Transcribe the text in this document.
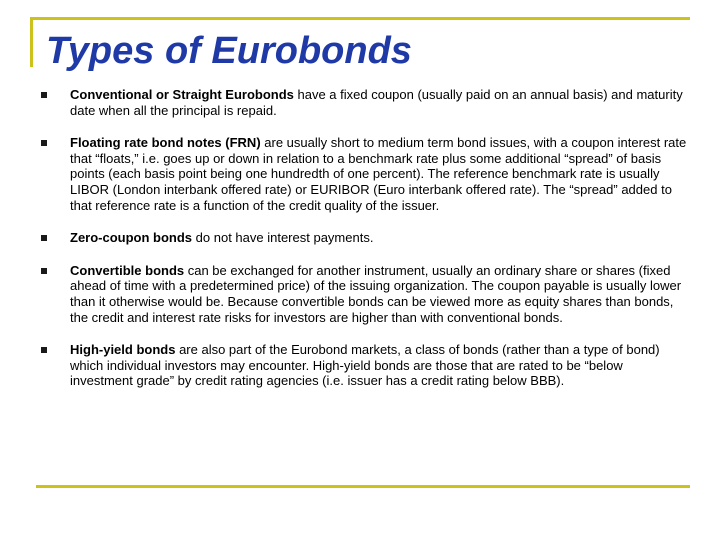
Types of Eurobonds
Conventional or Straight Eurobonds have a fixed coupon (usually paid on an annual basis) and maturity date when all the principal is repaid.
Floating rate bond notes (FRN) are usually short to medium term bond issues, with a coupon interest rate that “floats,” i.e. goes up or down in relation to a benchmark rate plus some additional “spread” of basis points (each basis point being one hundredth of one percent). The reference benchmark rate is usually LIBOR (London interbank offered rate) or EURIBOR (Euro interbank offered rate). The “spread” added to that reference rate is a function of the credit quality of the issuer.
Zero-coupon bonds do not have interest payments.
Convertible bonds can be exchanged for another instrument, usually an ordinary share or shares (fixed ahead of time with a predetermined price) of the issuing organization. The coupon payable is usually lower than it otherwise would be. Because convertible bonds can be viewed more as equity shares than bonds, the credit and interest rate risks for investors are higher than with conventional bonds.
High-yield bonds are also part of the Eurobond markets, a class of bonds (rather than a type of bond) which individual investors may encounter. High-yield bonds are those that are rated to be “below investment grade” by credit rating agencies (i.e. issuer has a credit rating below BBB).
